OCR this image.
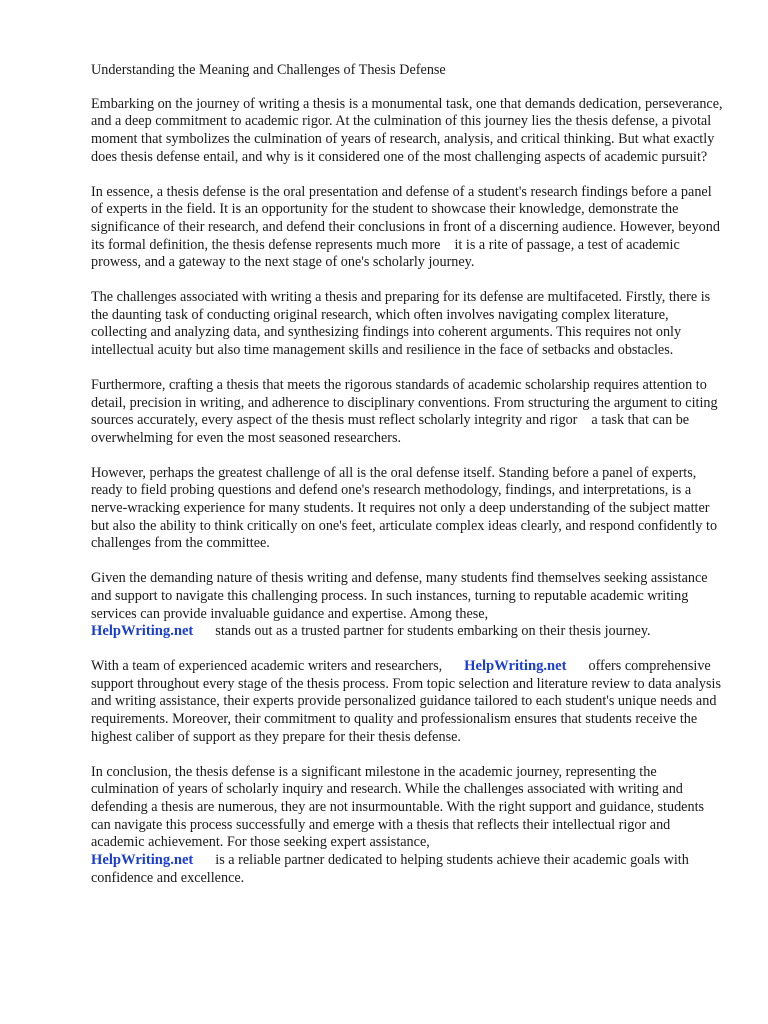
Understanding the Meaning and Challenges of Thesis Defense

Embarking on the journey of writing a thesis is a monumental task, one that demands dedication, perseverance, and a deep commitment to academic rigor. At the culmination of this journey lies the thesis defense, a pivotal moment that symbolizes the culmination of years of research, analysis, and critical thinking. But what exactly does thesis defense entail, and why is it considered one of the most challenging aspects of academic pursuit?

In essence, a thesis defense is the oral presentation and defense of a student's research findings before a panel of experts in the field. It is an opportunity for the student to showcase their knowledge, demonstrate the significance of their research, and defend their conclusions in front of a discerning audience. However, beyond its formal definition, the thesis defense represents much more it is a rite of passage, a test of academic prowess, and a gateway to the next stage of one's scholarly journey.

The challenges associated with writing a thesis and preparing for its defense are multifaceted. Firstly, there is the daunting task of conducting original research, which often involves navigating complex literature, collecting and analyzing data, and synthesizing findings into coherent arguments. This requires not only intellectual acuity but also time management skills and resilience in the face of setbacks and obstacles.

Furthermore, crafting a thesis that meets the rigorous standards of academic scholarship requires attention to detail, precision in writing, and adherence to disciplinary conventions. From structuring the argument to citing sources accurately, every aspect of the thesis must reflect scholarly integrity and rigor a task that can be overwhelming for even the most seasoned researchers.

However, perhaps the greatest challenge of all is the oral defense itself. Standing before a panel of experts, ready to field probing questions and defend one's research methodology, findings, and interpretations, is a nerve-wracking experience for many students. It requires not only a deep understanding of the subject matter but also the ability to think critically on one's feet, articulate complex ideas clearly, and respond confidently to challenges from the committee.

Given the demanding nature of thesis writing and defense, many students find themselves seeking assistance and support to navigate this challenging process. In such instances, turning to reputable academic writing services can provide invaluable guidance and expertise. Among these,
HelpWriting.net stands out as a trusted partner for students embarking on their thesis journey.

With a team of experienced academic writers and researchers, HelpWriting.net offers comprehensive support throughout every stage of the thesis process. From topic selection and literature review to data analysis and writing assistance, their experts provide personalized guidance tailored to each student's unique needs and requirements. Moreover, their commitment to quality and professionalism ensures that students receive the highest caliber of support as they prepare for their thesis defense.

In conclusion, the thesis defense is a significant milestone in the academic journey, representing the culmination of years of scholarly inquiry and research. While the challenges associated with writing and defending a thesis are numerous, they are not insurmountable. With the right support and guidance, students can navigate this process successfully and emerge with a thesis that reflects their intellectual rigor and academic achievement. For those seeking expert assistance,
HelpWriting.net is a reliable partner dedicated to helping students achieve their academic goals with confidence and excellence.
